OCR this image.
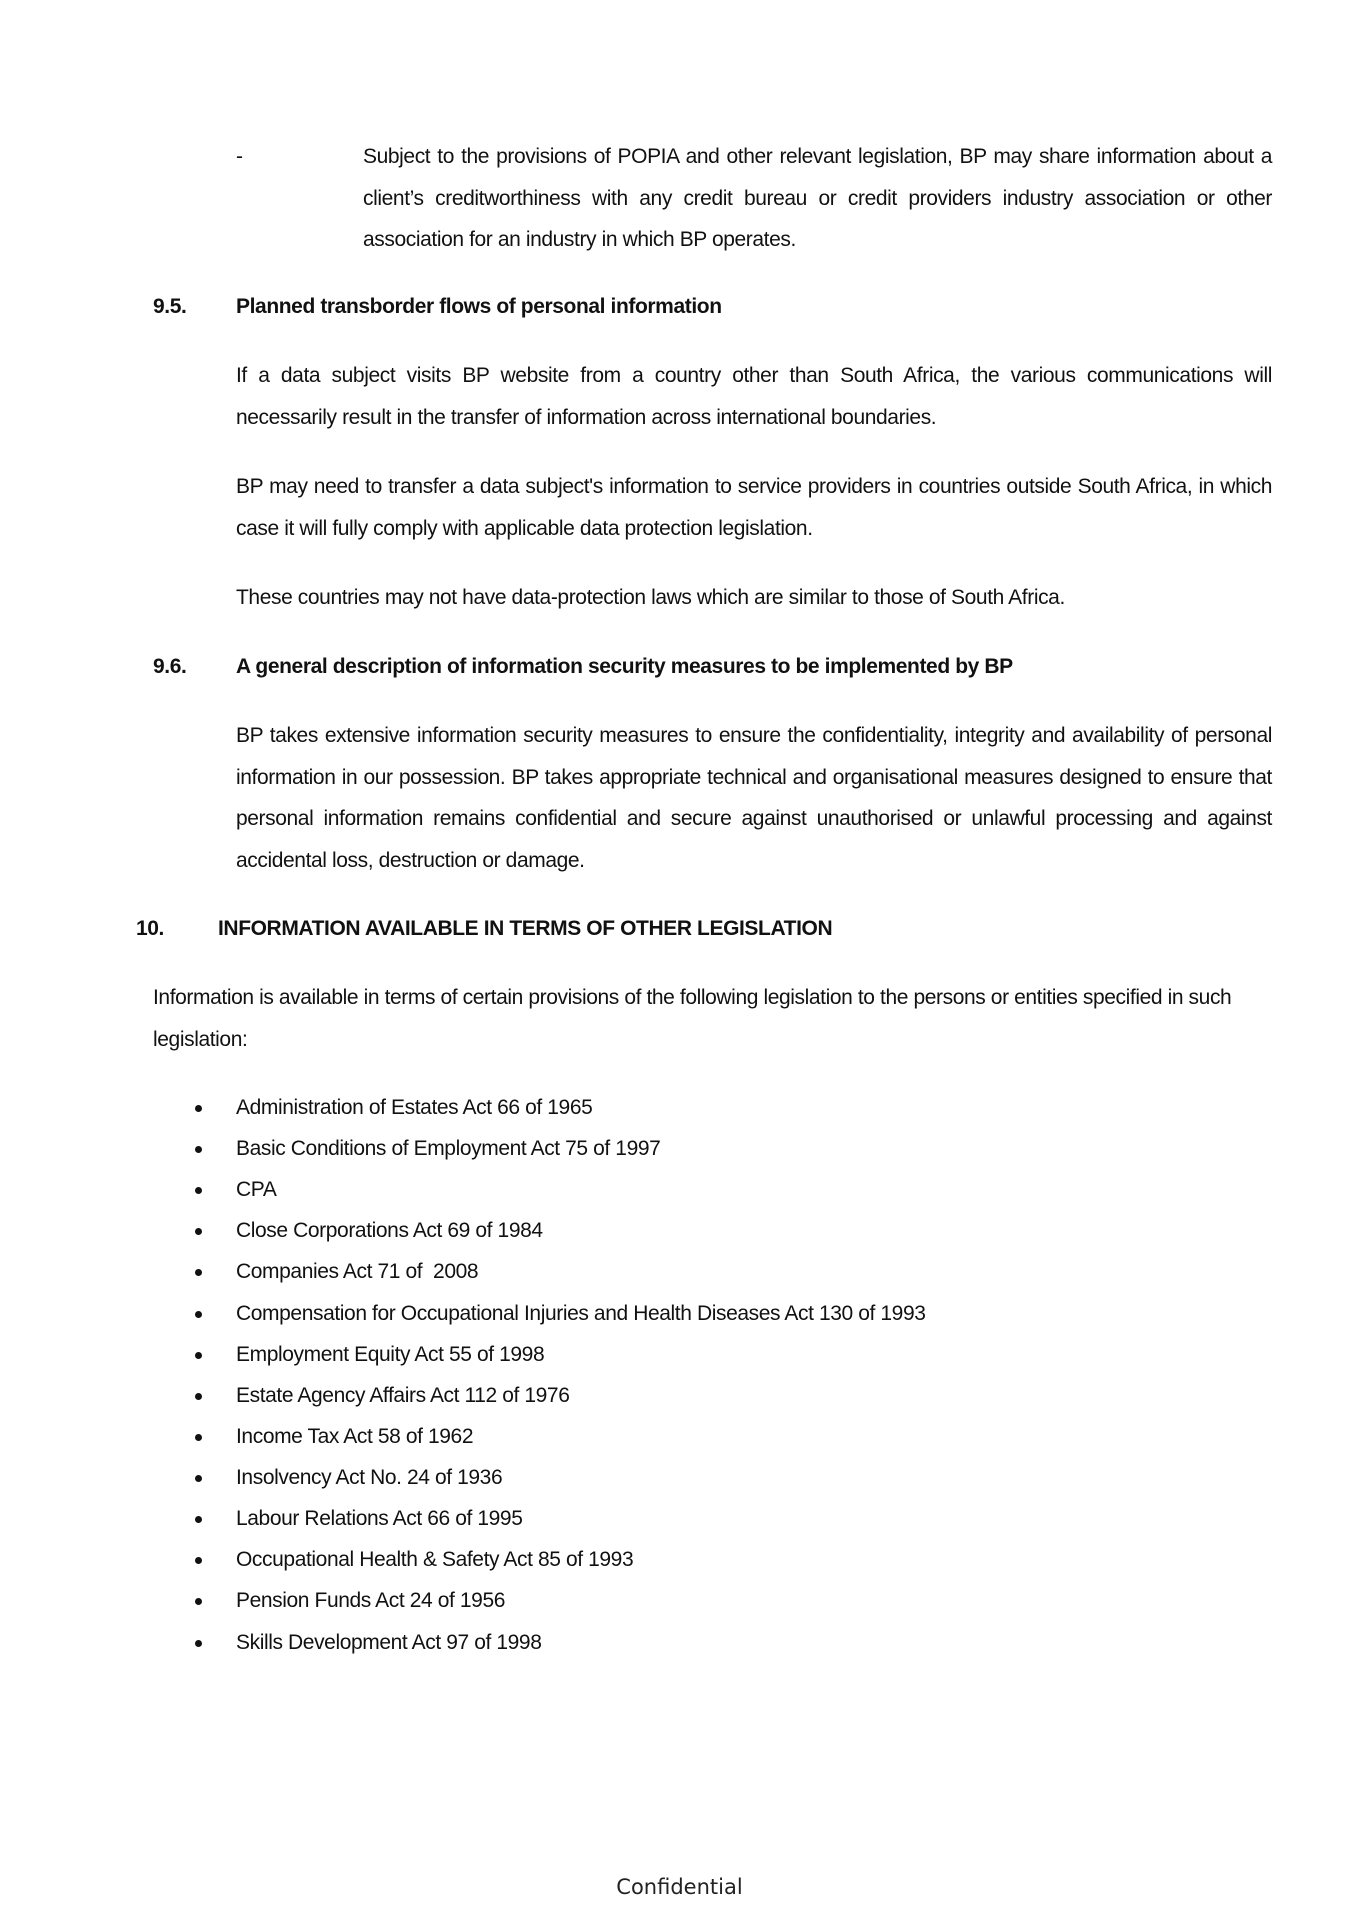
-	Subject to the provisions of POPIA and other relevant legislation, BP may share information about a client’s creditworthiness with any credit bureau or credit providers industry association or other association for an industry in which BP operates.
9.5. Planned transborder flows of personal information
If a data subject visits BP website from a country other than South Africa, the various communications will necessarily result in the transfer of information across international boundaries.
BP may need to transfer a data subject's information to service providers in countries outside South Africa, in which case it will fully comply with applicable data protection legislation.
These countries may not have data-protection laws which are similar to those of South Africa.
9.6. A general description of information security measures to be implemented by BP
BP takes extensive information security measures to ensure the confidentiality, integrity and availability of personal information in our possession. BP takes appropriate technical and organisational measures designed to ensure that personal information remains confidential and secure against unauthorised or unlawful processing and against accidental loss, destruction or damage.
10.	INFORMATION AVAILABLE IN TERMS OF OTHER LEGISLATION
Information is available in terms of certain provisions of the following legislation to the persons or entities specified in such legislation:
Administration of Estates Act 66 of 1965
Basic Conditions of Employment Act 75 of 1997
CPA
Close Corporations Act 69 of 1984
Companies Act 71 of  2008
Compensation for Occupational Injuries and Health Diseases Act 130 of 1993
Employment Equity Act 55 of 1998
Estate Agency Affairs Act 112 of 1976
Income Tax Act 58 of 1962
Insolvency Act No. 24 of 1936
Labour Relations Act 66 of 1995
Occupational Health & Safety Act 85 of 1993
Pension Funds Act 24 of 1956
Skills Development Act 97 of 1998
Confidential
